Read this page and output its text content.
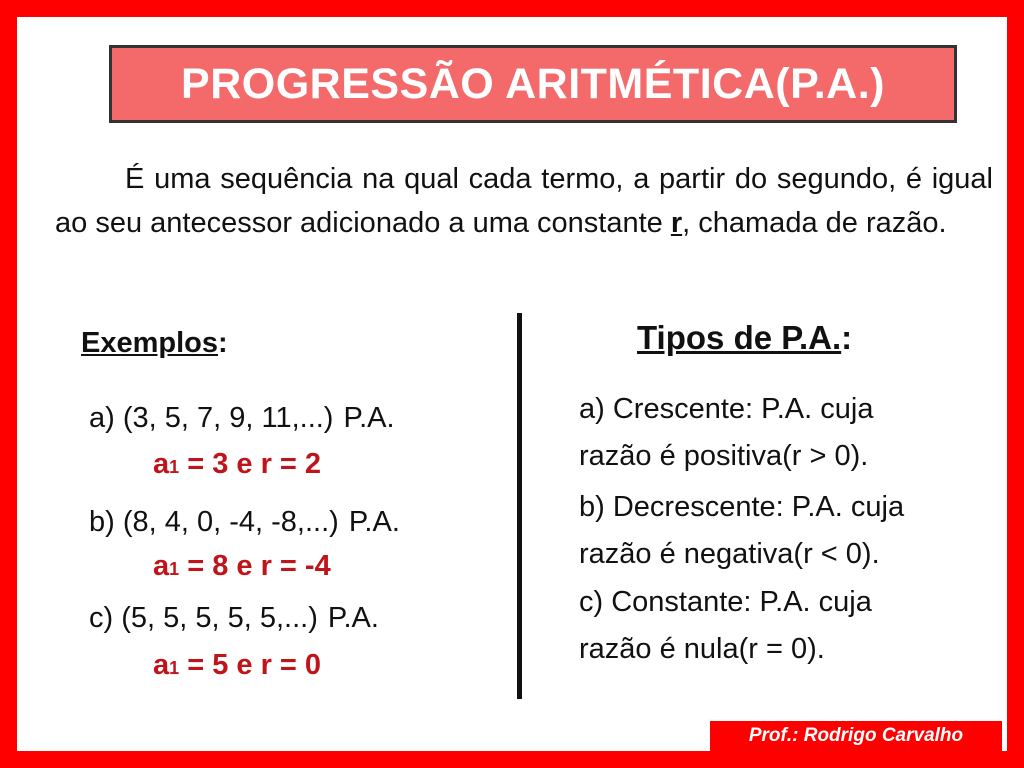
PROGRESSÃO ARITMÉTICA(P.A.)
É uma sequência na qual cada termo, a partir do segundo, é igual ao seu antecessor adicionado a uma constante r, chamada de razão.
Exemplos:
a) (3, 5, 7, 9, 11,...) P.A.
a1 = 3 e r = 2
b) (8, 4, 0, -4, -8,...) P.A.
a1 = 8 e r = -4
c) (5, 5, 5, 5, 5,...) P.A.
a1 = 5 e r = 0
Tipos de P.A.:
a) Crescente: P.A. cuja
razão é positiva(r > 0).
b) Decrescente: P.A. cuja
razão é negativa(r < 0).
c) Constante: P.A. cuja
razão é nula(r = 0).
Prof.: Rodrigo Carvalho
